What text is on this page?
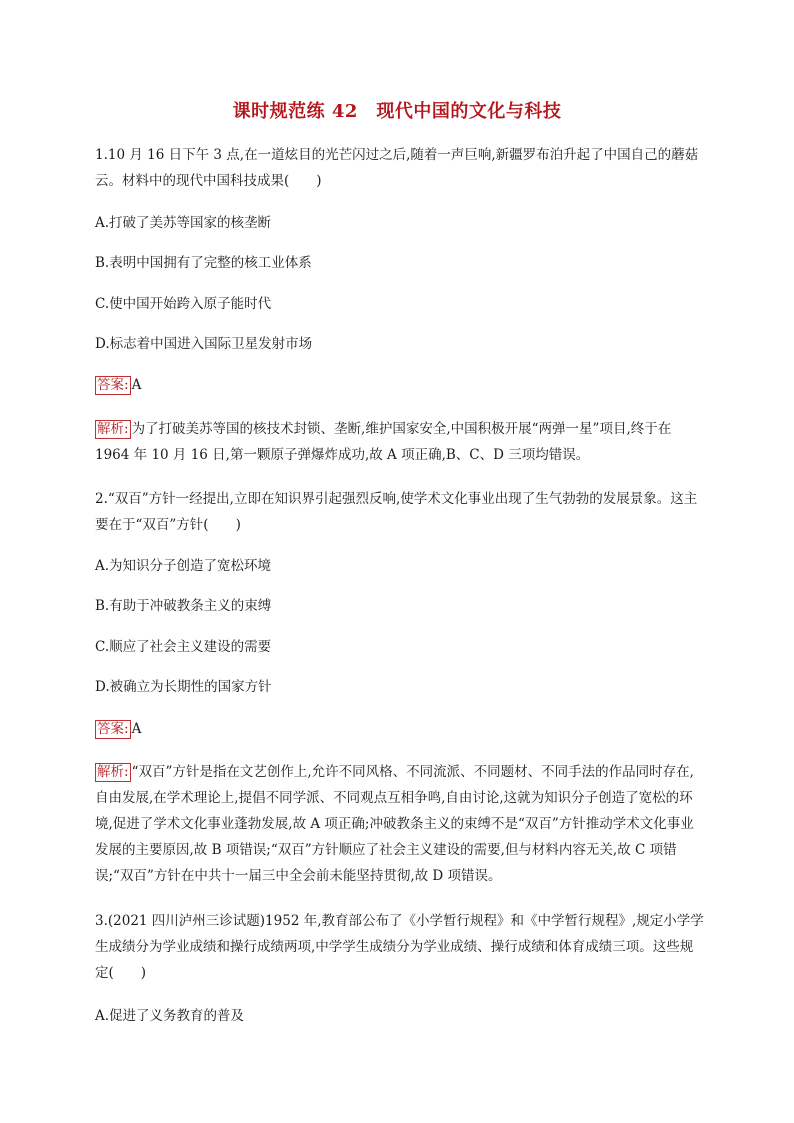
课时规范练 42　现代中国的文化与科技
1.10 月 16 日下午 3 点,在一道炫目的光芒闪过之后,随着一声巨响,新疆罗布泊升起了中国自己的蘑菇云。材料中的现代中国科技成果(　　)
A.打破了美苏等国家的核垄断
B.表明中国拥有了完整的核工业体系
C.使中国开始跨入原子能时代
D.标志着中国进入国际卫星发射市场
答案: A
解析: 为了打破美苏等国的核技术封锁、垄断,维护国家安全,中国积极开展“两弹一星”项目,终于在 1964 年 10 月 16 日,第一颗原子弹爆炸成功,故 A 项正确,B、C、D 三项均错误。
2.“双百”方针一经提出,立即在知识界引起强烈反响,使学术文化事业出现了生气勃勃的发展景象。这主要在于“双百”方针(　　)
A.为知识分子创造了宽松环境
B.有助于冲破教条主义的束缚
C.顺应了社会主义建设的需要
D.被确立为长期性的国家方针
答案: A
解析: “双百”方针是指在文艺创作上,允许不同风格、不同流派、不同题材、不同手法的作品同时存在,自由发展,在学术理论上,提倡不同学派、不同观点互相争鸣,自由讨论,这就为知识分子创造了宽松的环境,促进了学术文化事业蓬勃发展,故 A 项正确;冲破教条主义的束缚不是“双百”方针推动学术文化事业发展的主要原因,故 B 项错误;“双百”方针顺应了社会主义建设的需要,但与材料内容无关,故 C 项错误;“双百”方针在中共十一届三中全会前未能坚持贯彻,故 D 项错误。
3.(2021 四川泸州三诊试题)1952 年,教育部公布了《小学暂行规程》和《中学暂行规程》,规定小学学生成绩分为学业成绩和操行成绩两项,中学学生成绩分为学业成绩、操行成绩和体育成绩三项。这些规定(　　)
A.促进了义务教育的普及
